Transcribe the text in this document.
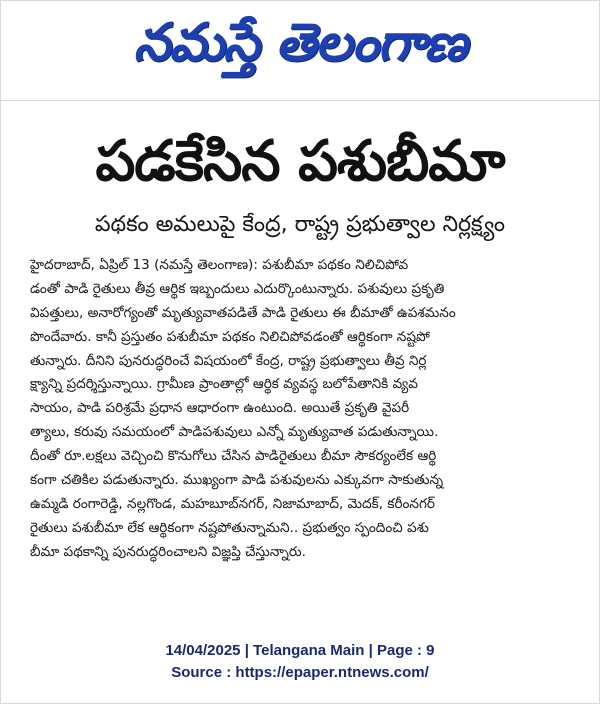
నమస్తే తెలంగాణ
పడకేసిన పశుబీమా
పథకం అమలుపై కేంద్ర, రాష్ట్ర ప్రభుత్వాల నిర్లక్ష్యం
హైదరాబాద్, ఏప్రిల్ 13 (నమస్తే తెలంగాణ): పశుబీమా పథకం నిలిచిపోవ
డంతో పాడి రైతులు తీవ్ర ఆర్థిక ఇబ్బందులు ఎదుర్కొంటున్నారు. పశువులు ప్రకృతి
విపత్తులు, అనారోగ్యంతో మృత్యువాతపడితే పాడి రైతులు ఈ బీమాతో ఉపశమనం
పొందేవారు. కానీ ప్రస్తుతం పశుబీమా పథకం నిలిచిపోవడంతో ఆర్థికంగా నష్టపో
తున్నారు. దీనిని పునరుద్ధరించే విషయంలో కేంద్ర, రాష్ట్ర ప్రభుత్వాలు తీవ్ర నిర్ల
క్ష్యాన్ని ప్రదర్శిస్తున్నాయి. గ్రామీణ ప్రాంతాల్లో ఆర్థిక వ్యవస్థ బలోపేతానికి వ్యవ
సాయం, పాడి పరిశ్రమే ప్రధాన ఆధారంగా ఉంటుంది. అయితే ప్రకృతి వైపరీ
త్యాలు, కరువు సమయంలో పాడిపశువులు ఎన్నో మృత్యువాత పడుతున్నాయి.
దీంతో రూ.లక్షలు వెచ్చించి కొనుగోలు చేసిన పాడిరైతులు బీమా సౌకర్యంలేక ఆర్థి
కంగా చతికిల పడుతున్నారు. ముఖ్యంగా పాడి పశువులను ఎక్కువగా సాకుతున్న
ఉమ్మడి రంగారెడ్డి, నల్లగొండ, మహబూబ్‌నగర్, నిజామాబాద్, మెదక్, కరీంనగర్
రైతులు పశుబీమా లేక ఆర్థికంగా నష్టపోతున్నామని.. ప్రభుత్వం స్పందించి పశు
బీమా పథకాన్ని పునరుద్ధరించాలని విజ్ఞప్తి చేస్తున్నారు.
14/04/2025 | Telangana Main | Page : 9
Source : https://epaper.ntnews.com/
